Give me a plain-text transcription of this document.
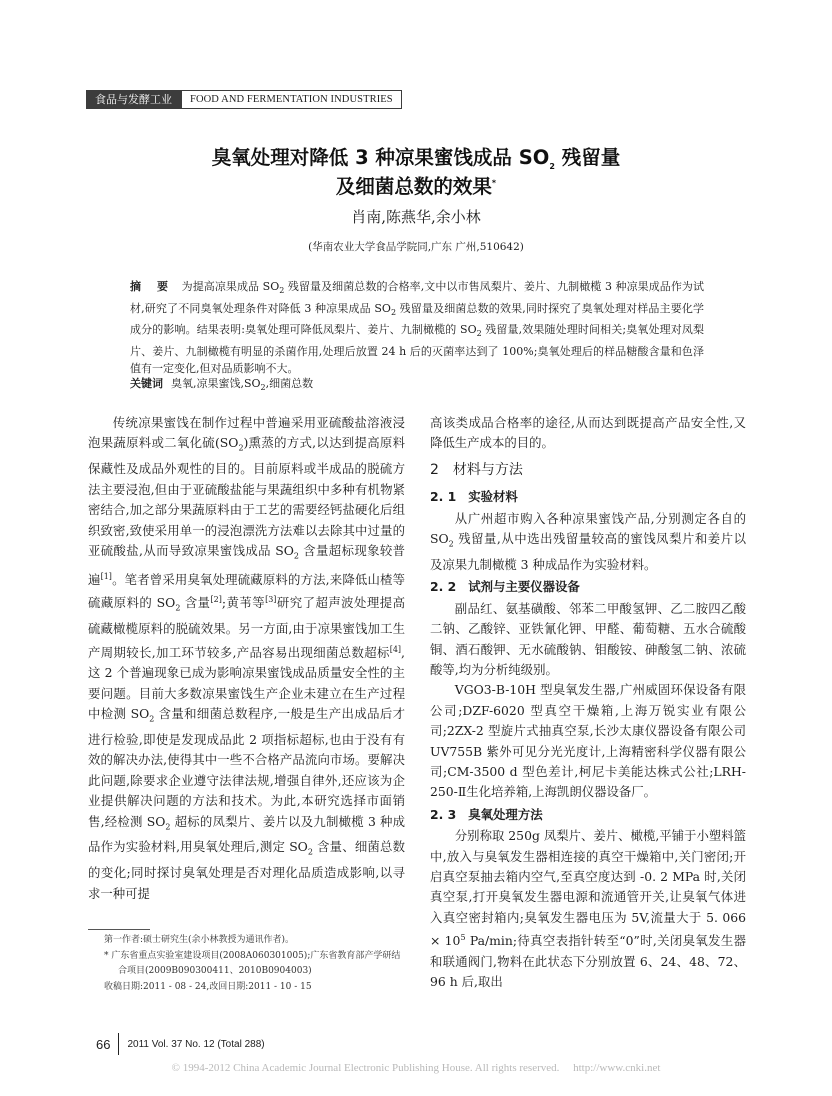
食品与发酵工业	FOOD AND FERMENTATION INDUSTRIES
臭氧处理对降低 3 种凉果蜜饯成品 $SO_2$ 残留量
及细菌总数的效果*
肖南,陈燕华,余小林
(华南农业大学食品学院同,广东 广州,510642)
摘 要 为提高凉果成品 $SO_2$ 残留量及细菌总数的合格率,文中以市售凤梨片、姜片、九制橄榄 3 种凉果成品作为试材,研究了不同臭氧处理条件对降低 3 种凉果成品 $SO_2$ 残留量及细菌总数的效果,同时探究了臭氧处理对样品主要化学成分的影响。结果表明:臭氧处理可降低凤梨片、姜片、九制橄榄的 $SO_2$ 残留量,效果随处理时间相关;臭氧处理对凤梨片、姜片、九制橄榄有明显的杀菌作用,处理后放置 24 h 后的灭菌率达到了 100%;臭氧处理后的样品糖酸含量和色泽值有一定变化,但对品质影响不大。
关键词 臭氧,凉果蜜饯$,SO_2$,细菌总数

传统凉果蜜饯在制作过程中普遍采用亚硫酸盐溶液浸泡果蔬原料或二氧化硫$(SO_2)$熏蒸的方式,以达到提高原料保藏性及成品外观性的目的。目前原料或半成品的脱硫方法主要浸泡,但由于亚硫酸盐能与果蔬组织中多种有机物紧密结合,加之部分果蔬原料由于工艺的需要经钙盐硬化后组织致密,致使采用单一的浸泡漂洗方法难以去除其中过量的亚硫酸盐,从而导致凉果蜜饯成品 $SO_2$ 含量超标现象较普遍[1]。笔者曾采用臭氧处理硫藏原料的方法,来降低山楂等硫藏原料的 $SO_2$ 含量[2];黄苇等[3]研究了超声波处理提高硫藏橄榄原料的脱硫效果。另一方面,由于凉果蜜饯加工生产周期较长,加工环节较多,产品容易出现细菌总数超标[4],这 2 个普遍现象已成为影响凉果蜜饯成品质量安全性的主要问题。目前大多数凉果蜜饯生产企业未建立在生产过程中检测 $SO_2$ 含量和细菌总数程序,一般是生产出成品后才进行检验,即使是发现成品此 2 项指标超标,也由于没有有效的解决办法,使得其中一些不合格产品流向市场。要解决此问题,除要求企业遵守法律法规,增强自律外,还应该为企业提供解决问题的方法和技术。为此,本研究选择市面销售,经检测 $SO_2$ 超标的凤梨片、姜片以及九制橄榄 3 种成品作为实验材料,用臭氧处理后,测定 $SO_2$ 含量、细菌总数的变化;同时探讨臭氧处理是否对理化品质造成影响,以寻求一种可提

高该类成品合格率的途径,从而达到既提高产品安全性,又降低生产成本的目的。

2　材料与方法
2. 1 实验材料

从广州超市购入各种凉果蜜饯产品,分别测定各自的 $SO_2$ 残留量,从中选出残留量较高的蜜饯凤梨片和姜片以及凉果九制橄榄 3 种成品作为实验材料。

2. 2 试剂与主要仪器设备

副品红、氨基磺酸、邻苯二甲酸氢钾、乙二胺四乙酸二钠、乙酸锌、亚铁氰化钾、甲醛、葡萄糖、五水合硫酸铜、酒石酸钾、无水硫酸钠、钼酸铵、砷酸氢二钠、浓硫酸等,均为分析纯级别。

VGO3-B-10H 型臭氧发生器,广州威固环保设备有限公司;DZF-6020 型真空干燥箱,上海万锐实业有限公司;2ZX-2 型旋片式抽真空泵,长沙太康仪器设备有限公司 UV755B 紫外可见分光光度计,上海精密科学仪器有限公司;CM-3500 d 型色差计,柯尼卡美能达株式公社;LRH-250-Ⅱ生化培养箱,上海凯朗仪器设备厂。

2. 3 臭氧处理方法

分别称取 250g 凤梨片、姜片、橄榄,平铺于小塑料篮中,放入与臭氧发生器相连接的真空干燥箱中,关门密闭;开启真空泵抽去箱内空气,至真空度达到 -0. 2 MPa 时,关闭真空泵,打开臭氧发生器电源和流通管开关,让臭氧气体进入真空密封箱内;臭氧发生器电压为 5V,流量大于 5. $066 \times 10^5$ Pa/min;待真空表指针转至“0”时,关闭臭氧发生器和联通阀门,物料在此状态下分别放置 6、24、48、72、96 h 后,取出

第一作者:硕士研究生(余小林教授为通讯作者)。

* 广东省重点实验室建设项目(2008A060301005);广东省教育部产学研结合项目(2009B090300411、2010B0904003)

收稿日期:2011 - 08 - 24,改回日期:2011 - 10 - 15

66	2011 Vol. 37 No. 12 (Total 288)
© 1994-2012 China Academic Journal Electronic Publishing House. All rights reserved.　 http://www.cnki.net
